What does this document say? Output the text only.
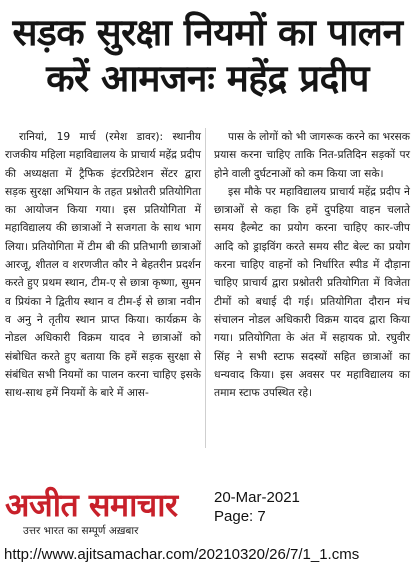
सड़क सुरक्षा नियमों का पालन
करें आमजनः महेंद्र प्रदीप

रानियां, 19 मार्च (रमेश डावर): स्थानीय राजकीय महिला महाविद्यालय के प्राचार्य महेंद्र प्रदीप की अध्यक्षता में ट्रैफिक इंटरप्रिटेशन सेंटर द्वारा सड़क सुरक्षा अभियान के तहत प्रश्नोतरी प्रतियोगिता का आयोजन किया गया। इस प्रतियोगिता में महाविद्यालय की छात्राओं ने सजगता के साथ भाग लिया। प्रतियोगिता में टीम बी की प्रतिभागी छात्राओं आरजू, शीतल व शरणजीत कौर ने बेहतरीन प्रदर्शन करते हुए प्रथम स्थान, टीम-ए से छात्रा कृष्णा, सुमन व प्रियंका ने द्वितीय स्थान व टीम-ई से छात्रा नवीन व अनु ने तृतीय स्थान प्राप्त किया। कार्यक्रम के नोडल अधिकारी विक्रम यादव ने छात्राओं को संबोधित करते हुए बताया कि हमें सड़क सुरक्षा से संबंधित सभी नियमों का पालन करना चाहिए इसके साथ-साथ हमें नियमों के बारे में आस-

पास के लोगों को भी जागरूक करने का भरसक प्रयास करना चाहिए ताकि नित-प्रतिदिन सड़कों पर होने वाली दुर्घटनाओं को कम किया जा सके।

इस मौके पर महाविद्यालय प्राचार्य महेंद्र प्रदीप ने छात्राओं से कहा कि हमें दुपहिया वाहन चलाते समय हैल्मेट का प्रयोग करना चाहिए कार-जीप आदि को ड्राइविंग करते समय सीट बेल्ट का प्रयोग करना चाहिए वाहनों को निर्धारित स्पीड में दौड़ाना चाहिए प्राचार्य द्वारा प्रश्नोतरी प्रतियोगिता में विजेता टीमों को बधाई दी गई। प्रतियोगिता दौरान मंच संचालन नोडल अधिकारी विक्रम यादव द्वारा किया गया। प्रतियोगिता के अंत में सहायक प्रो. रघुवीर सिंह ने सभी स्टाफ सदस्यों सहित छात्राओं का धन्यवाद किया। इस अवसर पर महाविद्यालय का तमाम स्टाफ उपस्थित रहे।

अजीत समाचार
उत्तर भारत का सम्पूर्ण अख़बार
20-Mar-2021
Page: 7
http://www.ajitsamachar.com/20210320/26/7/1_1.cms
